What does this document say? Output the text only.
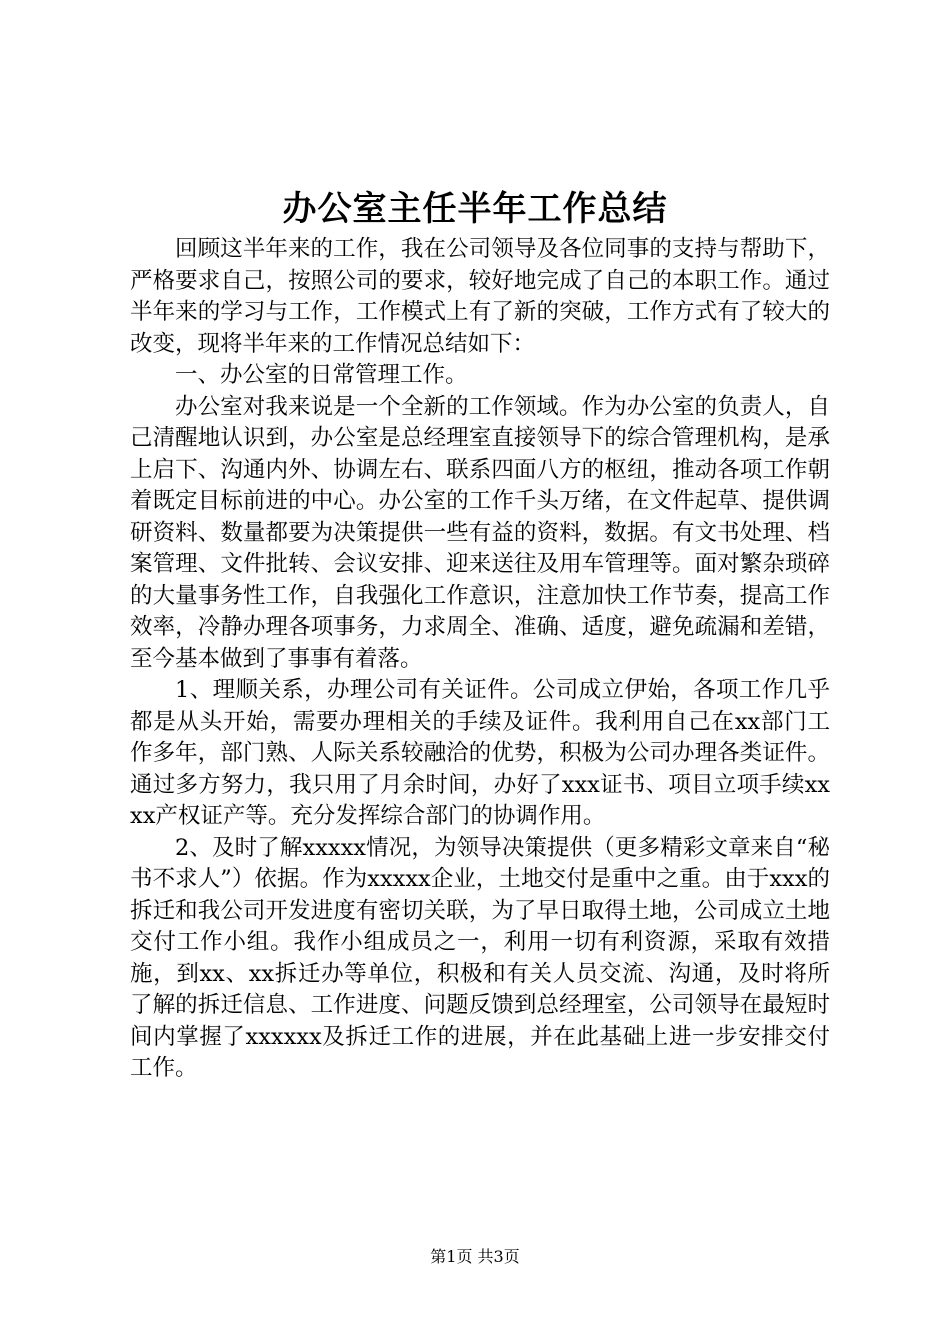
办公室主任半年工作总结

回顾这半年来的工作，我在公司领导及各位同事的支持与帮助下，严格要求自己，按照公司的要求，较好地完成了自己的本职工作。通过半年来的学习与工作，工作模式上有了新的突破，工作方式有了较大的改变，现将半年来的工作情况总结如下：

一、办公室的日常管理工作。

办公室对我来说是一个全新的工作领域。作为办公室的负责人，自己清醒地认识到，办公室是总经理室直接领导下的综合管理机构，是承上启下、沟通内外、协调左右、联系四面八方的枢纽，推动各项工作朝着既定目标前进的中心。办公室的工作千头万绪，在文件起草、提供调研资料、数量都要为决策提供一些有益的资料，数据。有文书处理、档案管理、文件批转、会议安排、迎来送往及用车管理等。面对繁杂琐碎的大量事务性工作，自我强化工作意识，注意加快工作节奏，提高工作效率，冷静办理各项事务，力求周全、准确、适度，避免疏漏和差错，至今基本做到了事事有着落。

1、理顺关系，办理公司有关证件。公司成立伊始，各项工作几乎都是从头开始，需要办理相关的手续及证件。我利用自己在xx部门工作多年，部门熟、人际关系较融洽的优势，积极为公司办理各类证件。通过多方努力，我只用了月余时间，办好了xxx证书、项目立项手续xxxx产权证产等。充分发挥综合部门的协调作用。

2、及时了解xxxxx情况，为领导决策提供（更多精彩文章来自“秘书不求人”）依据。作为xxxxx企业，土地交付是重中之重。由于xxx的拆迁和我公司开发进度有密切关联，为了早日取得土地，公司成立土地交付工作小组。我作小组成员之一，利用一切有利资源，采取有效措施，到xx、xx拆迁办等单位，积极和有关人员交流、沟通，及时将所了解的拆迁信息、工作进度、问题反馈到总经理室，公司领导在最短时间内掌握了xxxxxx及拆迁工作的进展，并在此基础上进一步安排交付工作。

第1页 共3页
